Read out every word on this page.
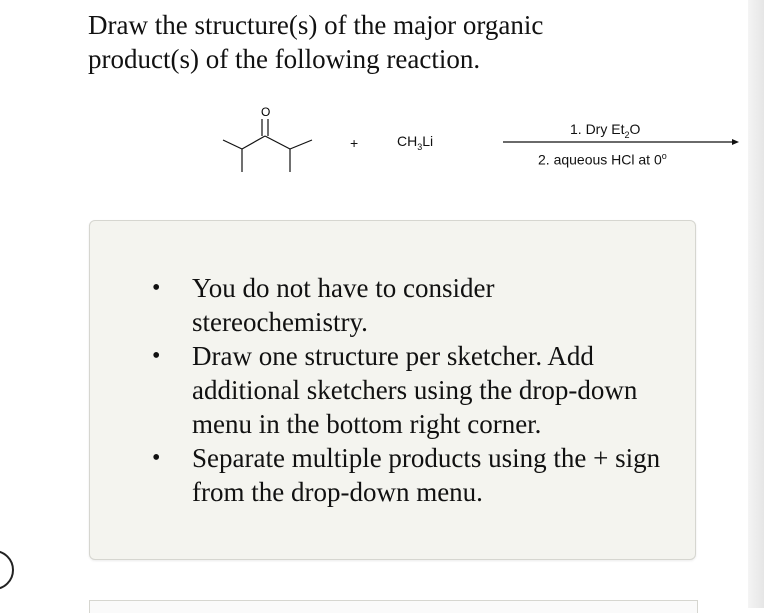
Draw the structure(s) of the major organic
product(s) of the following reaction.
O
+	$CH_3Li$
1. Dry $Et_2O$
2. aqueous HCl at 0$^o$
• You do not have to consider stereochemistry.
• Draw one structure per sketcher. Add additional sketchers using the drop-down menu in the bottom right corner.
• Separate multiple products using the + sign from the drop-down menu.
